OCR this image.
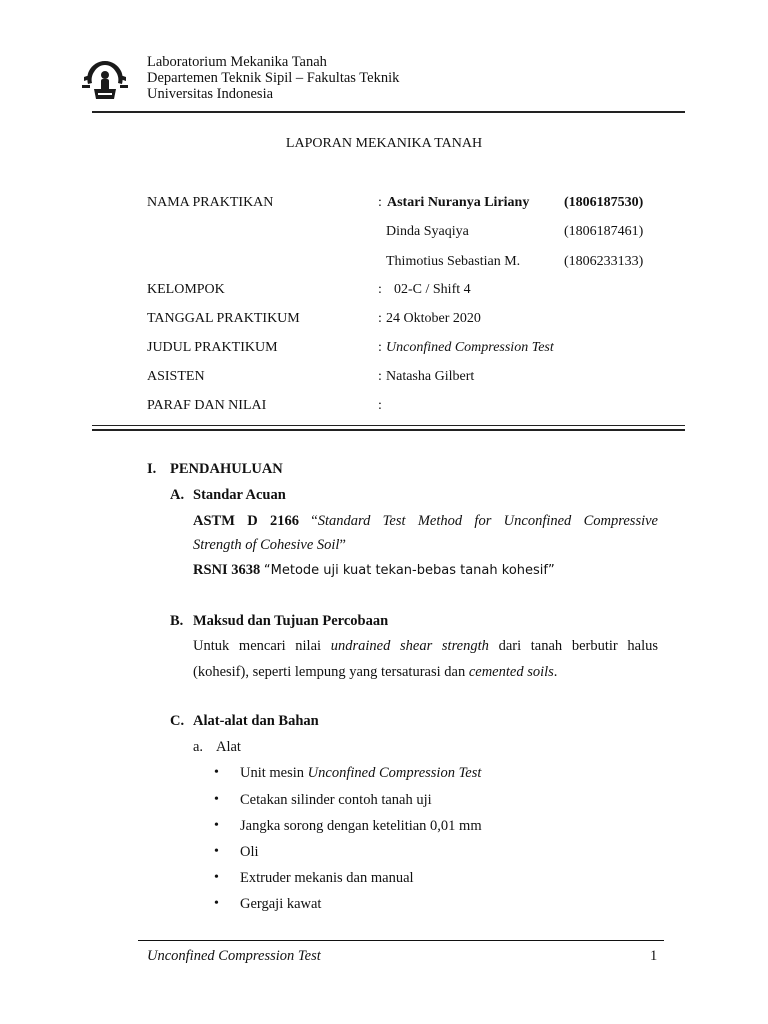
Laboratorium Mekanika Tanah
Departemen Teknik Sipil – Fakultas Teknik
Universitas Indonesia
LAPORAN MEKANIKA TANAH
NAMA PRAKTIKAN	: Astari Nuranya Liriany (1806187530)
Dinda Syaqiya	(1806187461)
Thimotius Sebastian M.	(1806233133)
KELOMPOK	: 02-C / Shift 4
TANGGAL PRAKTIKUM	: 24 Oktober 2020
JUDUL PRAKTIKUM	: Unconfined Compression Test
ASISTEN	: Natasha Gilbert
PARAF DAN NILAI	:
I. PENDAHULUAN
A. Standar Acuan
ASTM D 2166 “Standard Test Method for Unconfined Compressive
Strength of Cohesive Soil”
RSNI 3638 “Metode uji kuat tekan-bebas tanah kohesif”
B. Maksud dan Tujuan Percobaan
Untuk mencari nilai undrained shear strength dari tanah berbutir halus
(kohesif), seperti lempung yang tersaturasi dan cemented soils.
C. Alat-alat dan Bahan
a. Alat
• Unit mesin Unconfined Compression Test
• Cetakan silinder contoh tanah uji
• Jangka sorong dengan ketelitian 0,01 mm
• Oli
• Extruder mekanis dan manual
• Gergaji kawat
Unconfined Compression Test	1
